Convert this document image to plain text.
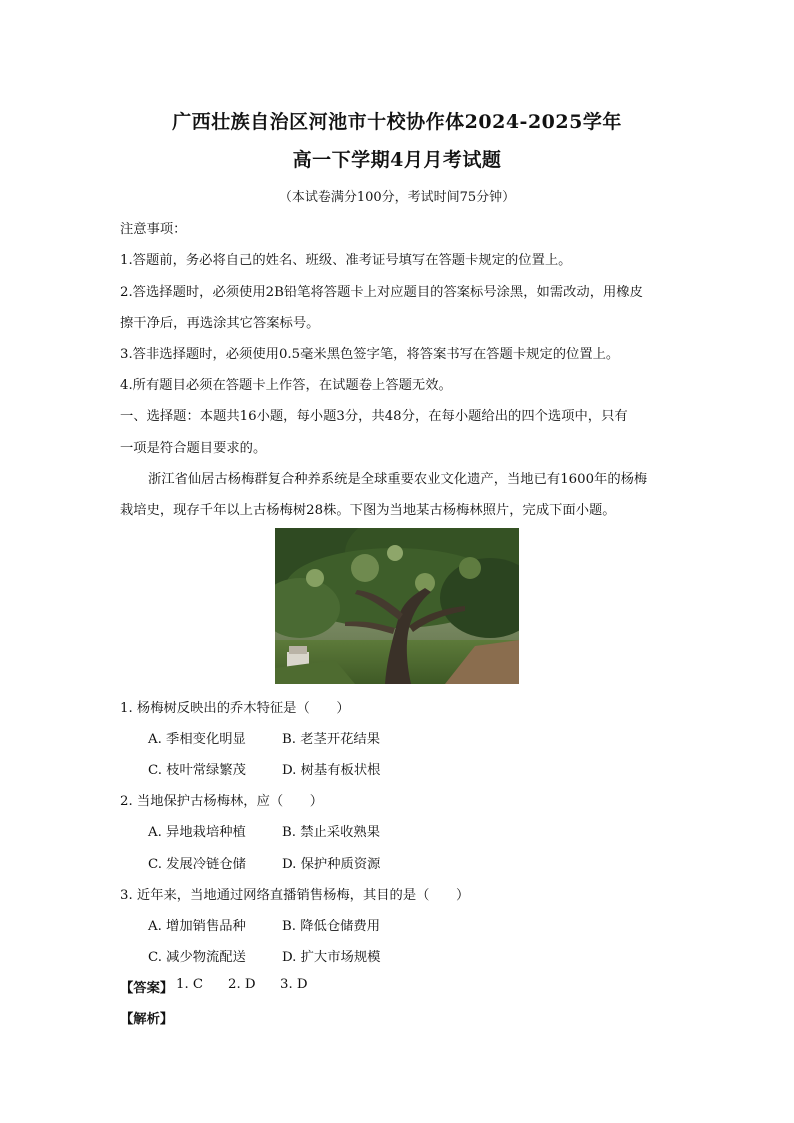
广西壮族自治区河池市十校协作体2024-2025学年
高一下学期4月月考试题
（本试卷满分100分，考试时间75分钟）
注意事项：
1.答题前，务必将自己的姓名、班级、准考证号填写在答题卡规定的位置上。
2.答选择题时，必须使用2B铅笔将答题卡上对应题目的答案标号涂黑，如需改动，用橡皮
擦干净后，再选涂其它答案标号。
3.答非选择题时，必须使用0.5毫米黑色签字笔，将答案书写在答题卡规定的位置上。
4.所有题目必须在答题卡上作答，在试题卷上答题无效。
一、选择题：本题共16小题，每小题3分，共48分，在每小题给出的四个选项中，只有
一项是符合题目要求的。
浙江省仙居古杨梅群复合种养系统是全球重要农业文化遗产，当地已有1600年的杨梅
栽培史，现存千年以上古杨梅树28株。下图为当地某古杨梅林照片，完成下面小题。
1. 杨梅树反映出的乔木特征是（　　）
A. 季相变化明显	B. 老茎开花结果
C. 枝叶常绿繁茂	D. 树基有板状根
2. 当地保护古杨梅林，应（　　）
A. 异地栽培种植	B. 禁止采收熟果
C. 发展冷链仓储	D. 保护种质资源
3. 近年来，当地通过网络直播销售杨梅，其目的是（　　）
A. 增加销售品种	B. 降低仓储费用
C. 减少物流配送	D. 扩大市场规模
【答案】 1. C 2. D 3. D
【解析】
